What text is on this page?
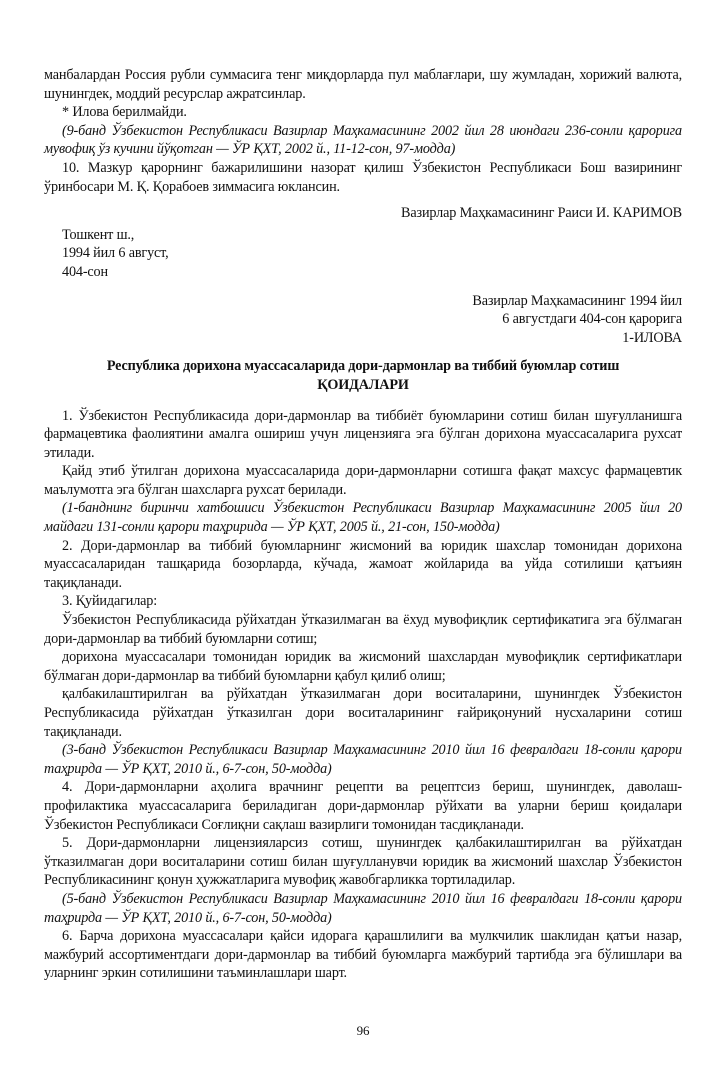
манбалардан Россия рубли суммасига тенг миқдорларда пул маблағлари, шу жумладан, хорижий валюта, шунингдек, моддий ресурслар ажратсинлар.

* Илова берилмайди.

(9-банд Ўзбекистон Республикаси Вазирлар Маҳкамасининг 2002 йил 28 июндаги 236-сонли қарорига мувофиқ ўз кучини йўқотган — ЎР ҚХТ, 2002 й., 11-12-сон, 97-модда)

10. Мазкур қарорнинг бажарилишини назорат қилиш Ўзбекистон Республикаси Бош вазирининг ўринбосари М. Қ. Қорабоев зиммасига юклансин.

Вазирлар Маҳкамасининг Раиси И. КАРИМОВ
Тошкент ш.,
1994 йил 6 август,
404-сон
Вазирлар Маҳкамасининг 1994 йил
6 августдаги 404-сон қарорига
1-ИЛОВА
Республика дорихона муассасаларида дори-дармонлар ва тиббий буюмлар сотиш
ҚОИДАЛАРИ

1. Ўзбекистон Республикасида дори-дармонлар ва тиббиёт буюмларини сотиш билан шуғулланишга фармацевтика фаолиятини амалга ошириш учун лицензияга эга бўлган дорихона муассасаларига рухсат этилади.

Қайд этиб ўтилган дорихона муассасаларида дори-дармонларни сотишга фақат махсус фармацевтик маълумотга эга бўлган шахсларга рухсат берилади.

(1-банднинг биринчи хатбошиси Ўзбекистон Республикаси Вазирлар Маҳкамасининг 2005 йил 20 майдаги 131-сонли қарори таҳририда — ЎР ҚХТ, 2005 й., 21-сон, 150-модда)

2. Дори-дармонлар ва тиббий буюмларнинг жисмоний ва юридик шахслар томонидан дорихона муассасаларидан ташқарида бозорларда, кўчада, жамоат жойларида ва уйда сотилиши қатъиян тақиқланади.

3. Қуйидагилар:

Ўзбекистон Республикасида рўйхатдан ўтказилмаган ва ёхуд мувофиқлик сертификатига эга бўлмаган дори-дармонлар ва тиббий буюмларни сотиш;

дорихона муассасалари томонидан юридик ва жисмоний шахслардан мувофиқлик сертификатлари бўлмаган дори-дармонлар ва тиббий буюмларни қабул қилиб олиш;

қалбакилаштирилган ва рўйхатдан ўтказилмаган дори воситаларини, шунингдек Ўзбекистон Республикасида рўйхатдан ўтказилган дори воситаларининг ғайриқонуний нусхаларини сотиш тақиқланади.

(3-банд Ўзбекистон Республикаси Вазирлар Маҳкамасининг 2010 йил 16 февралдаги 18-сонли қарори таҳрирда — ЎР ҚХТ, 2010 й., 6-7-сон, 50-модда)

4. Дори-дармонларни аҳолига врачнинг рецепти ва рецептсиз бериш, шунингдек, даволаш-профилактика муассасаларига бериладиган дори-дармонлар рўйхати ва уларни бериш қоидалари Ўзбекистон Республикаси Соғлиқни сақлаш вазирлиги томонидан тасдиқланади.

5. Дори-дармонларни лицензияларсиз сотиш, шунингдек қалбакилаштирилган ва рўйхатдан ўтказилмаган дори воситаларини сотиш билан шуғулланувчи юридик ва жисмоний шахслар Ўзбекистон Республикасининг қонун ҳужжатларига мувофиқ жавобгарликка тортиладилар.

(5-банд Ўзбекистон Республикаси Вазирлар Маҳкамасининг 2010 йил 16 февралдаги 18-сонли қарори таҳрирда — ЎР ҚХТ, 2010 й., 6-7-сон, 50-модда)

6. Барча дорихона муассасалари қайси идорага қарашлилиги ва мулкчилик шаклидан қатъи назар, мажбурий ассортиментдаги дори-дармонлар ва тиббий буюмларга мажбурий тартибда эга бўлишлари ва уларнинг эркин сотилишини таъминлашлари шарт.

96
